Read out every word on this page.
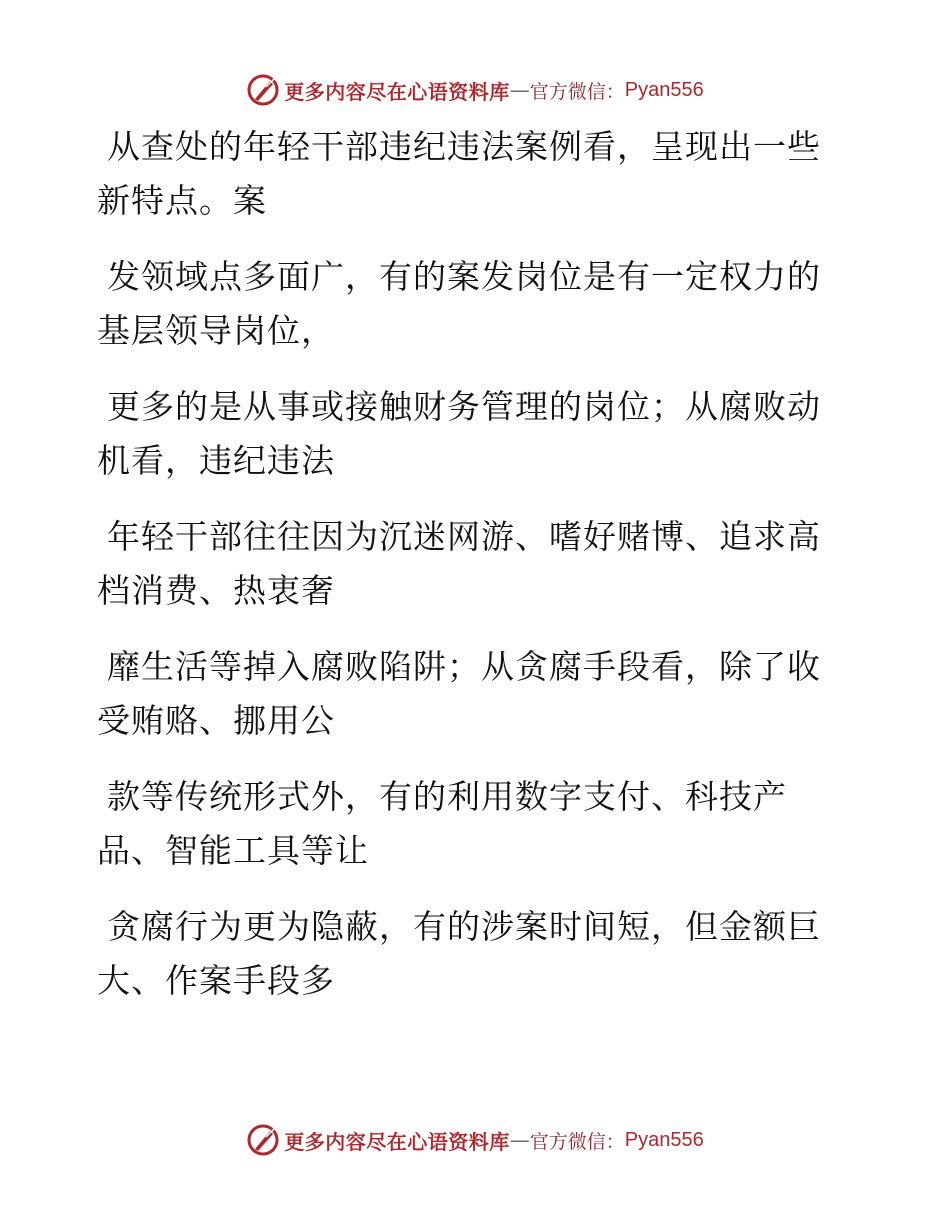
更多内容尽在心语资料库 — 官方微信： Pyan556
从查处的年轻干部违纪违法案例看，呈现出一些
新特点。案
发领域点多面广，有的案发岗位是有一定权力的
基层领导岗位，
更多的是从事或接触财务管理的岗位；从腐败动
机看，违纪违法
年轻干部往往因为沉迷网游、嗜好赌博、追求高
档消费、热衷奢
靡生活等掉入腐败陷阱；从贪腐手段看，除了收
受贿赂、挪用公
款等传统形式外，有的利用数字支付、科技产
品、智能工具等让
贪腐行为更为隐蔽，有的涉案时间短，但金额巨
大、作案手段多
更多内容尽在心语资料库 — 官方微信： Pyan556
